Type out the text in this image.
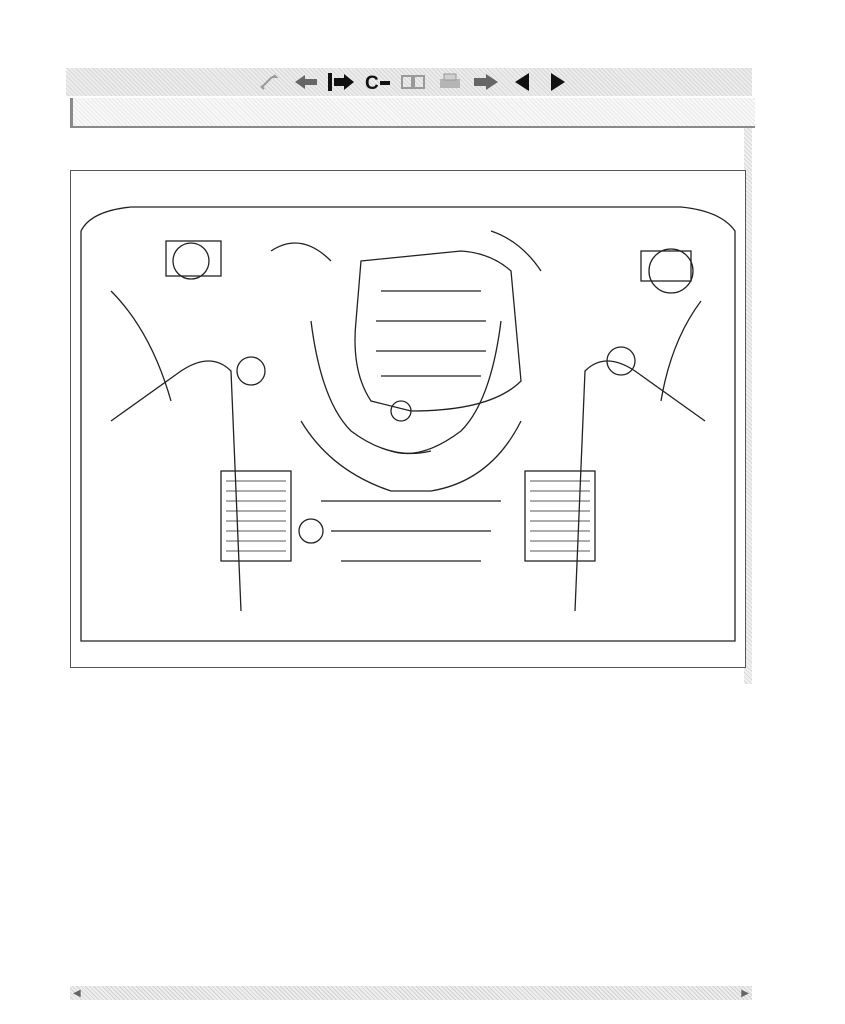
C
◀	▶
